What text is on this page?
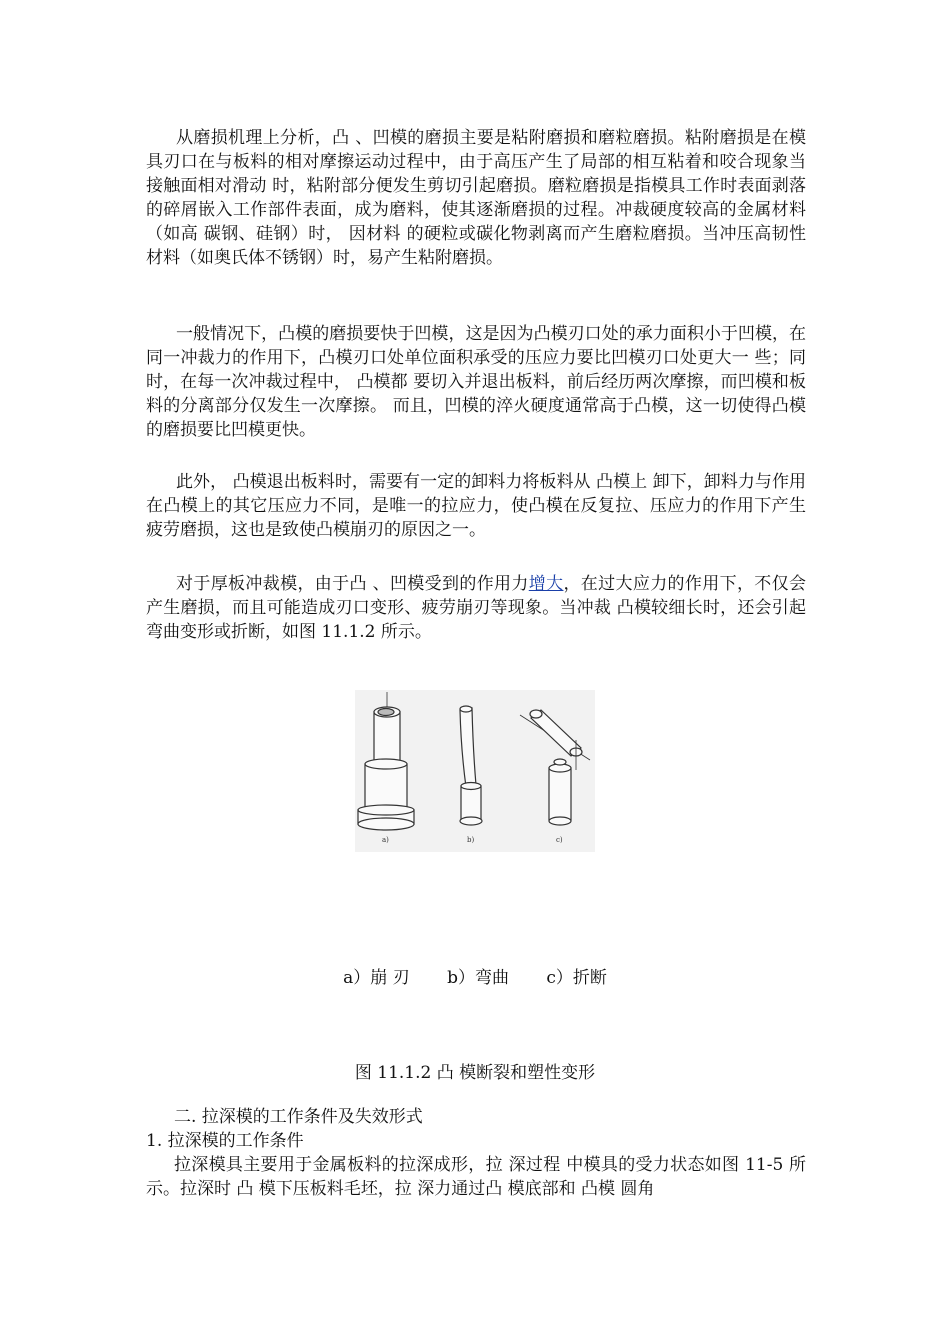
从磨损机理上分析，凸 、凹模的磨损主要是粘附磨损和磨粒磨损。粘附磨损是在模具刃口在与板料的相对摩擦运动过程中，由于高压产生了局部的相互粘着和咬合现象当接触面相对滑动 时，粘附部分便发生剪切引起磨损。磨粒磨损是指模具工作时表面剥落的碎屑嵌入工作部件表面，成为磨料，使其逐渐磨损的过程。冲裁硬度较高的金属材料（如高 碳钢、硅钢）时， 因材料 的硬粒或碳化物剥离而产生磨粒磨损。当冲压高韧性材料（如奥氏体不锈钢）时，易产生粘附磨损。

一般情况下，凸模的磨损要快于凹模，这是因为凸模刃口处的承力面积小于凹模，在同一冲裁力的作用下，凸模刃口处单位面积承受的压应力要比凹模刃口处更大一 些；同时，在每一次冲裁过程中， 凸模都 要切入并退出板料，前后经历两次摩擦，而凹模和板料的分离部分仅发生一次摩擦。 而且，凹模的淬火硬度通常高于凸模，这一切使得凸模的磨损要比凹模更快。

此外， 凸模退出板料时，需要有一定的卸料力将板料从 凸模上 卸下，卸料力与作用在凸模上的其它压应力不同，是唯一的拉应力，使凸模在反复拉、压应力的作用下产生疲劳磨损，这也是致使凸模崩刃的原因之一。

对于厚板冲裁模，由于凸 、凹模受到的作用力增大，在过大应力的作用下，不仅会产生磨损，而且可能造成刃口变形、疲劳崩刃等现象。当冲裁 凸模较细长时，还会引起弯曲变形或折断，如图 11.1.2 所示。

a)	b)	c)
a）崩 刃 b）弯曲 c）折断
图 11.1.2 凸 模断裂和塑性变形

二. 拉深模的工作条件及失效形式

1. 拉深模的工作条件

拉深模具主要用于金属板料的拉深成形，拉 深过程 中模具的受力状态如图 11-5 所示。拉深时 凸 模下压板料毛坯，拉 深力通过凸 模底部和 凸模 圆角
